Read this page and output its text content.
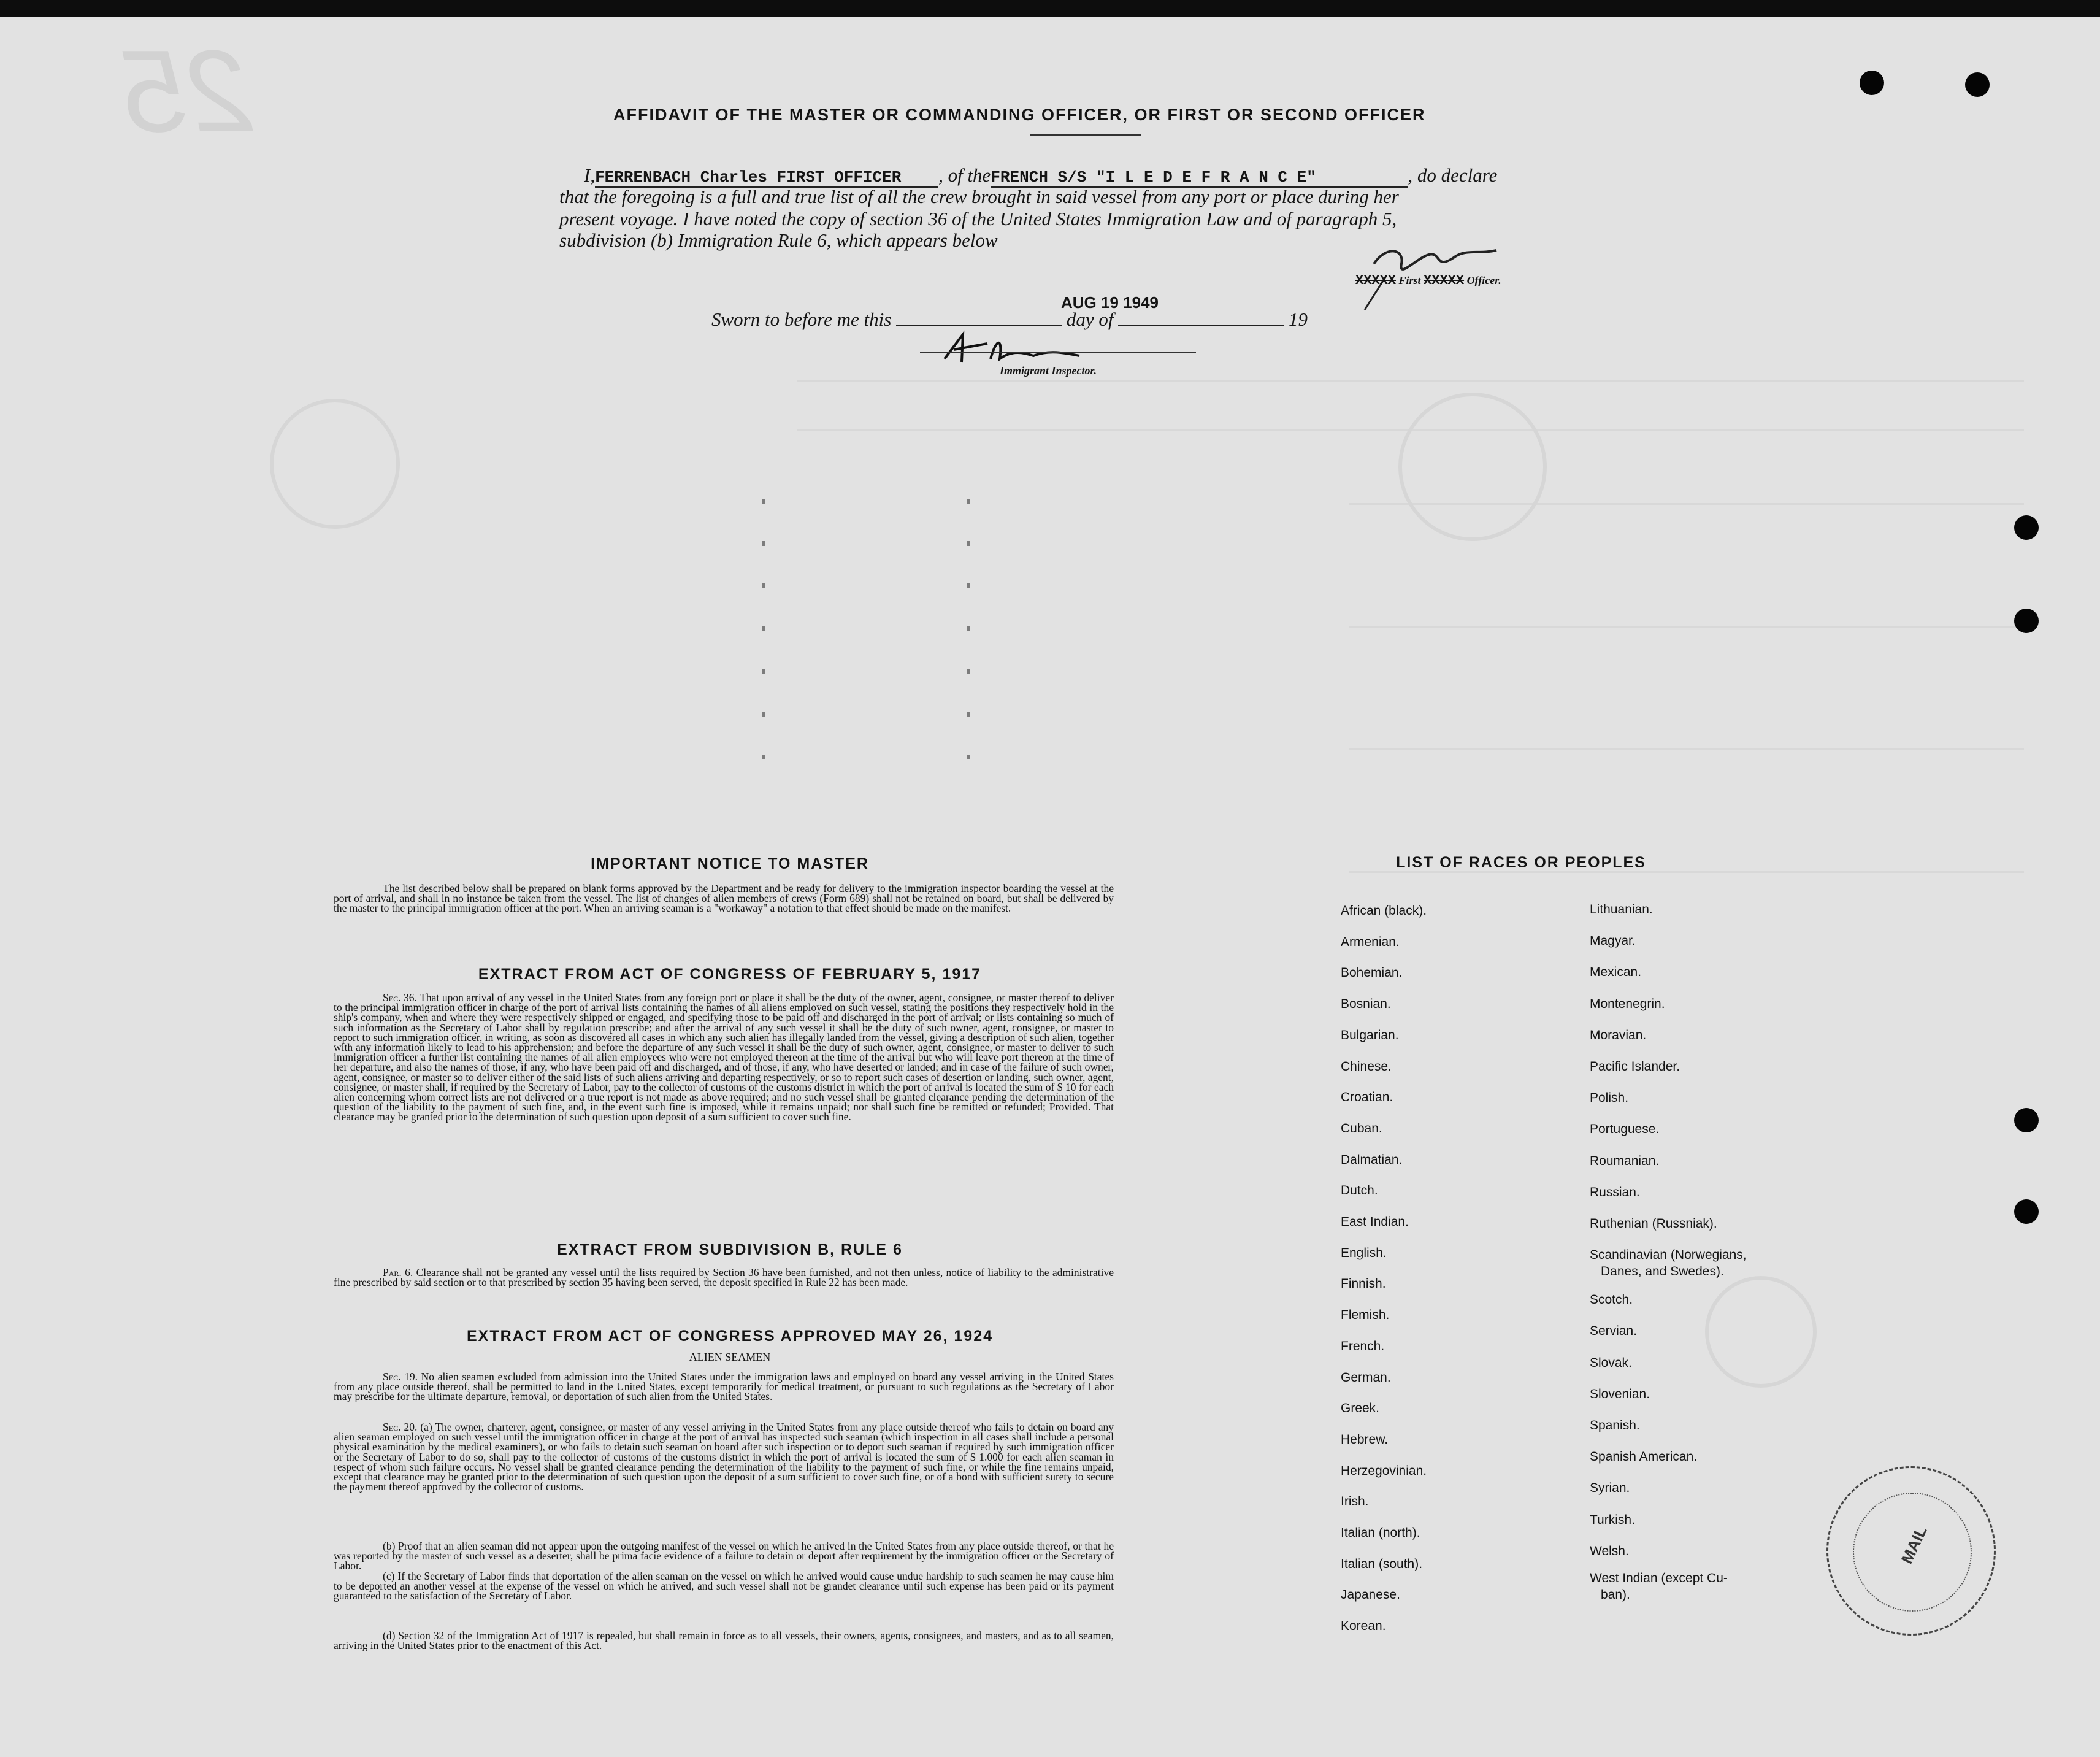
25	AFFIDAVIT OF THE MASTER OR COMMANDING OFFICER, OR FIRST OR SECOND OFFICER
I,FERRENBACH Charles FIRST OFFICER , of theFRENCH S/S "I L E D E F R A N C E"	, do declare
that the foregoing is a full and true list of all the crew brought in said vessel from any port or place during her
present voyage. I have noted the copy of section 36 of the United States Immigration Law and of paragraph 5,
subdivision (b) Immigration Rule 6, which appears below
XXXXX First XXXXX Officer.
Sworn to before me this	day of	19
AUG 19 1949
Immigrant Inspector.
IMPORTANT NOTICE TO MASTER
The list described below shall be prepared on blank forms approved by the Department and be ready for delivery to the immigration inspector boarding the vessel at the port of arrival, and shall in no instance be taken from the vessel. The list of changes of alien members of crews (Form 689) shall not be retained on board, but shall be delivered by the master to the principal immigration officer at the port. When an arriving seaman is a "workaway" a notation to that effect should be made on the manifest.
EXTRACT FROM ACT OF CONGRESS OF FEBRUARY 5, 1917
Sec. 36. That upon arrival of any vessel in the United States from any foreign port or place it shall be the duty of the owner, agent, consignee, or master thereof to deliver to the principal immigration officer in charge of the port of arrival lists containing the names of all aliens employed on such vessel, stating the positions they respectively hold in the ship's company, when and where they were respectively shipped or engaged, and specifying those to be paid off and discharged in the port of arrival; or lists containing so much of such information as the Secretary of Labor shall by regulation prescribe; and after the arrival of any such vessel it shall be the duty of such owner, agent, consignee, or master to report to such immigration officer, in writing, as soon as discovered all cases in which any such alien has illegally landed from the vessel, giving a description of such alien, together with any information likely to lead to his apprehension; and before the departure of any such vessel it shall be the duty of such owner, agent, consignee, or master to deliver to such immigration officer a further list containing the names of all alien employees who were not employed thereon at the time of the arrival but who will leave port thereon at the time of her departure, and also the names of those, if any, who have been paid off and discharged, and of those, if any, who have deserted or landed; and in case of the failure of such owner, agent, consignee, or master so to deliver either of the said lists of such aliens arriving and departing respectively, or so to report such cases of desertion or landing, such owner, agent, consignee, or master shall, if required by the Secretary of Labor, pay to the collector of customs of the customs district in which the port of arrival is located the sum of $ 10 for each alien concerning whom correct lists are not delivered or a true report is not made as above required; and no such vessel shall be granted clearance pending the determination of the question of the liability to the payment of such fine, and, in the event such fine is imposed, while it remains unpaid; nor shall such fine be remitted or refunded; Provided. That clearance may be granted prior to the determination of such question upon deposit of a sum sufficient to cover such fine.
EXTRACT FROM SUBDIVISION B, RULE 6
Par. 6. Clearance shall not be granted any vessel until the lists required by Section 36 have been furnished, and not then unless, notice of liability to the administrative fine prescribed by said section or to that prescribed by section 35 having been served, the deposit specified in Rule 22 has been made.
EXTRACT FROM ACT OF CONGRESS APPROVED MAY 26, 1924
ALIEN SEAMEN
Sec. 19. No alien seamen excluded from admission into the United States under the immigration laws and employed on board any vessel arriving in the United States from any place outside thereof, shall be permitted to land in the United States, except temporarily for medical treatment, or pursuant to such regulations as the Secretary of Labor may prescribe for the ultimate departure, removal, or deportation of such alien from the United States.
Sec. 20. (a) The owner, charterer, agent, consignee, or master of any vessel arriving in the United States from any place outside thereof who fails to detain on board any alien seaman employed on such vessel until the immigration officer in charge at the port of arrival has inspected such seaman (which inspection in all cases shall include a personal physical examination by the medical examiners), or who fails to detain such seaman on board after such inspection or to deport such seaman if required by such immigration officer or the Secretary of Labor to do so, shall pay to the collector of customs of the customs district in which the port of arrival is located the sum of $ 1.000 for each alien seaman in respect of whom such failure occurs. No vessel shall be granted clearance pending the determination of the liability to the payment of such fine, or while the fine remains unpaid, except that clearance may be granted prior to the determination of such question upon the deposit of a sum sufficient to cover such fine, or of a bond with sufficient surety to secure the payment thereof approved by the collector of customs.
(b) Proof that an alien seaman did not appear upon the outgoing manifest of the vessel on which he arrived in the United States from any place outside thereof, or that he was reported by the master of such vessel as a deserter, shall be prima facie evidence of a failure to detain or deport after requirement by the immigration officer or the Secretary of Labor.
(c) If the Secretary of Labor finds that deportation of the alien seaman on the vessel on which he arrived would cause undue hardship to such seamen he may cause him to be deported an another vessel at the expense of the vessel on which he arrived, and such vessel shall not be grandet clearance until such expense has been paid or its payment guaranteed to the satisfaction of the Secretary of Labor.
(d) Section 32 of the Immigration Act of 1917 is repealed, but shall remain in force as to all vessels, their owners, agents, consignees, and masters, and as to all seamen, arriving in the United States prior to the enactment of this Act.
LIST OF RACES OR PEOPLES
African (black).
Armenian.
Bohemian.
Bosnian.
Bulgarian.
Chinese.
Croatian.
Cuban.
Dalmatian.
Dutch.
East Indian.
English.
Finnish.
Flemish.
French.
German.
Greek.
Hebrew.
Herzegovinian.
Irish.
Italian (north).
Italian (south).
Japanese.
Korean.
Lithuanian.
Magyar.
Mexican.
Montenegrin.
Moravian.
Pacific Islander.
Polish.
Portuguese.
Roumanian.
Russian.
Ruthenian (Russniak).
Scandinavian (Norwegians,
Danes, and Swedes).
Scotch.
Servian.
Slovak.
Slovenian.
Spanish.
Spanish American.
Syrian.
Turkish.
Welsh.
West Indian (except Cu-
ban).
MAIL
